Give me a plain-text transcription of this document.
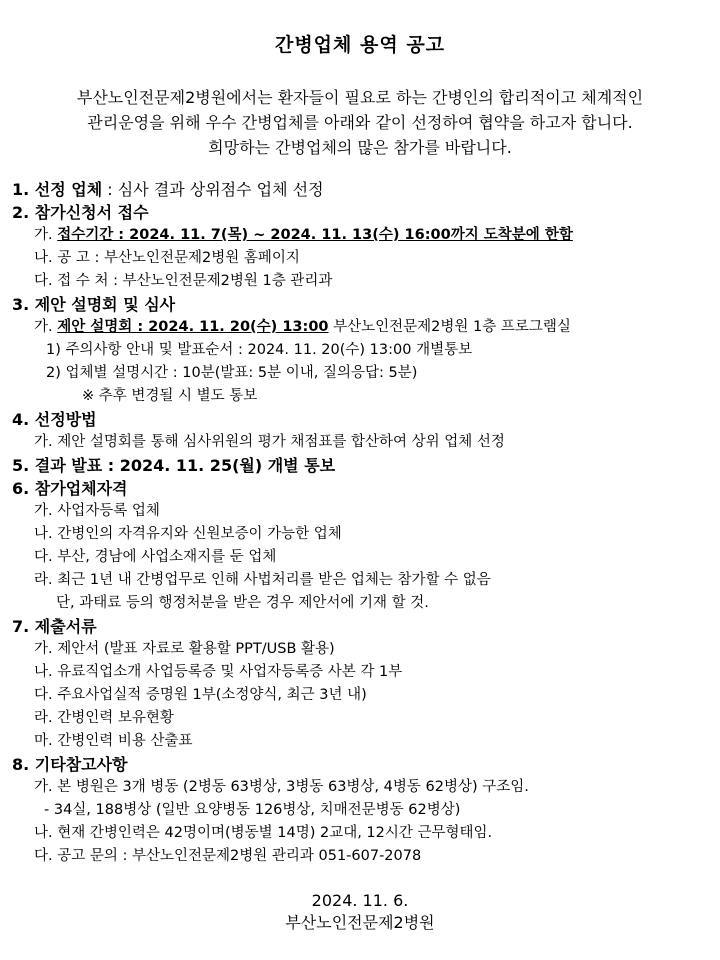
간병업체 용역 공고
부산노인전문제2병원에서는 환자들이 필요로 하는 간병인의 합리적이고 체계적인
관리운영을 위해 우수 간병업체를 아래와 같이 선정하여 협약을 하고자 합니다.
희망하는 간병업체의 많은 참가를 바랍니다.
1. 선정 업체 : 심사 결과 상위점수 업체 선정
2. 참가신청서 접수
가. 접수기간 : 2024. 11. 7(목) ~ 2024. 11. 13(수) 16:00까지 도착분에 한함
나. 공 고 : 부산노인전문제2병원 홈페이지
다. 접 수 처 : 부산노인전문제2병원 1층 관리과
3. 제안 설명회 및 심사
가. 제안 설명회 : 2024. 11. 20(수) 13:00 부산노인전문제2병원 1층 프로그램실
1) 주의사항 안내 및 발표순서 : 2024. 11. 20(수) 13:00 개별통보
2) 업체별 설명시간 : 10분(발표: 5분 이내, 질의응답: 5분)
※ 추후 변경될 시 별도 통보
4. 선정방법
가. 제안 설명회를 통해 심사위원의 평가 채점표를 합산하여 상위 업체 선정
5. 결과 발표 : 2024. 11. 25(월) 개별 통보
6. 참가업체자격
가. 사업자등록 업체
나. 간병인의 자격유지와 신원보증이 가능한 업체
다. 부산, 경남에 사업소재지를 둔 업체
라. 최근 1년 내 간병업무로 인해 사법처리를 받은 업체는 참가할 수 없음
단, 과태료 등의 행정처분을 받은 경우 제안서에 기재 할 것.
7. 제출서류
가. 제안서 (발표 자료로 활용할 PPT/USB 활용)
나. 유료직업소개 사업등록증 및 사업자등록증 사본 각 1부
다. 주요사업실적 증명원 1부(소정양식, 최근 3년 내)
라. 간병인력 보유현황
마. 간병인력 비용 산출표
8. 기타참고사항
가. 본 병원은 3개 병동 (2병동 63병상, 3병동 63병상, 4병동 62병상) 구조임.
- 34실, 188병상 (일반 요양병동 126병상, 치매전문병동 62병상)
나. 현재 간병인력은 42명이며(병동별 14명) 2교대, 12시간 근무형태임.
다. 공고 문의 : 부산노인전문제2병원 관리과 051-607-2078
2024. 11. 6.
부산노인전문제2병원
